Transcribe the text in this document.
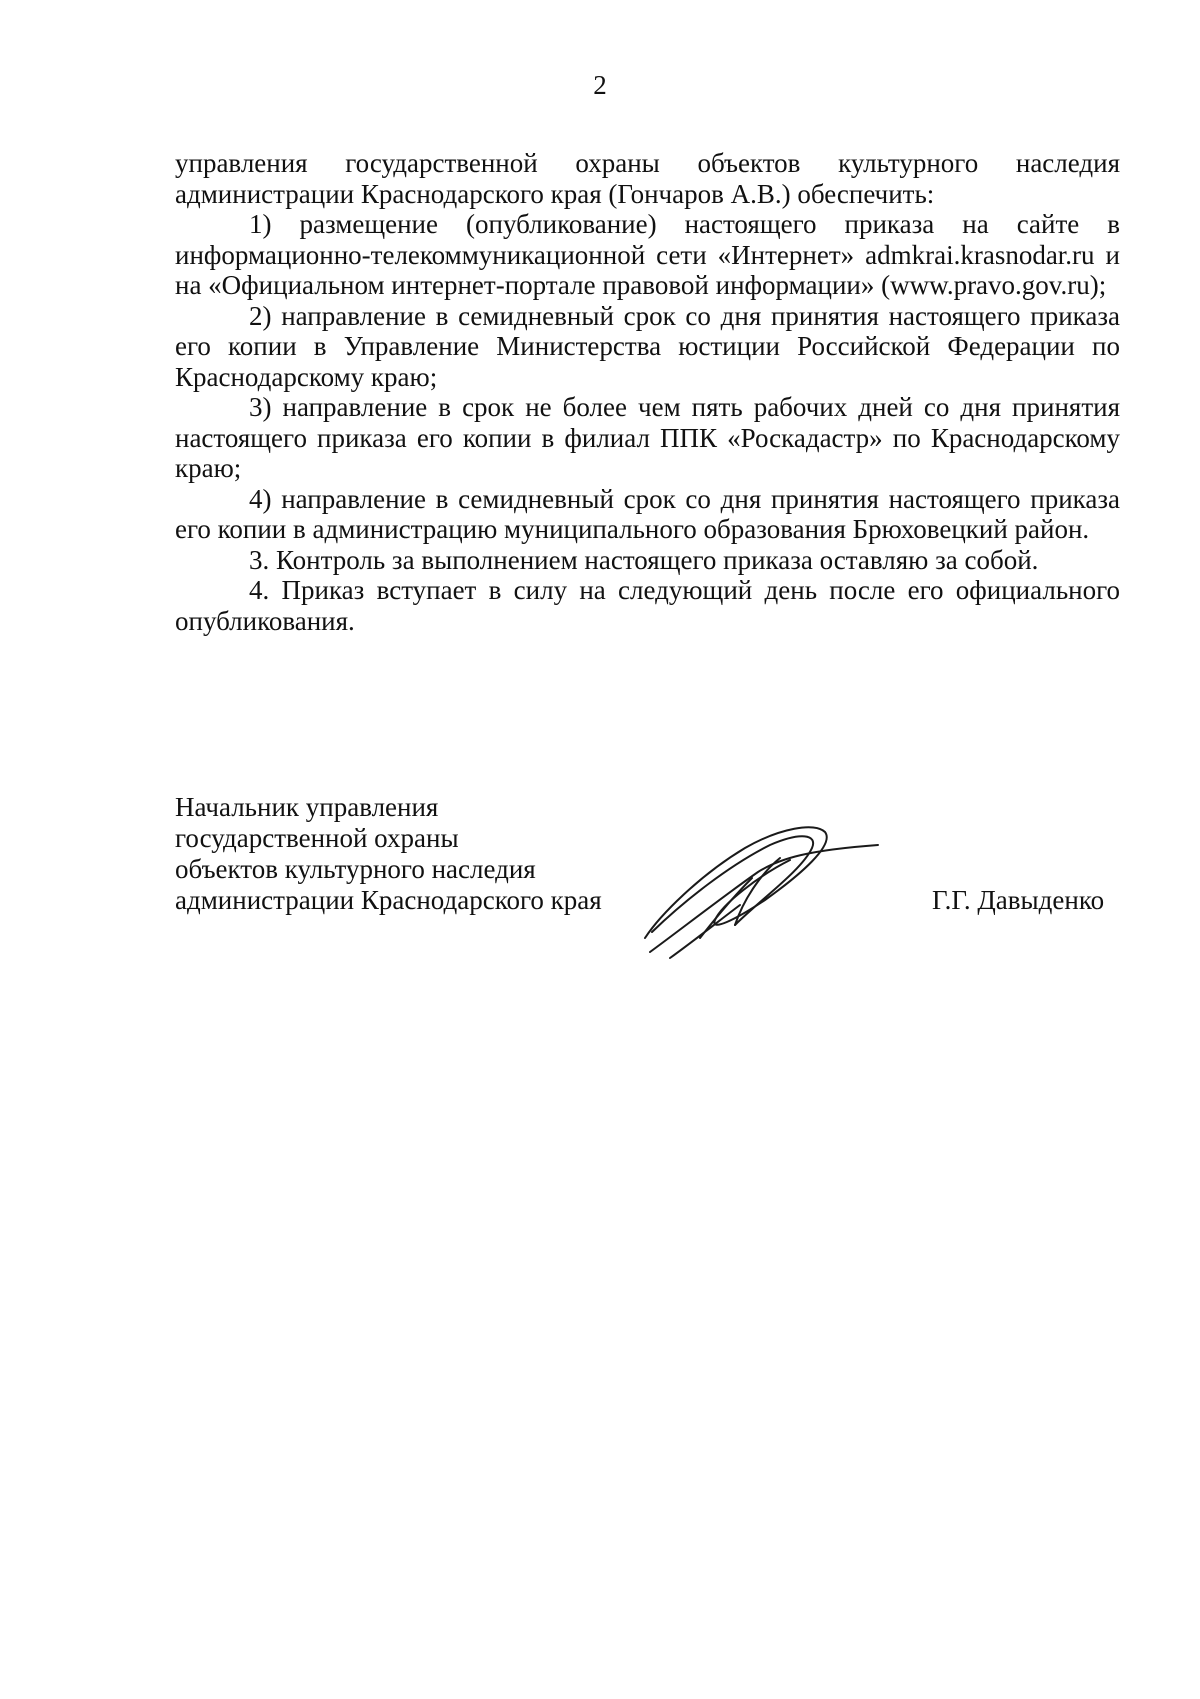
2

управления государственной охраны объектов культурного наследия администрации Краснодарского края (Гончаров А.В.) обеспечить:

1) размещение (опубликование) настоящего приказа на сайте в информационно-телекоммуникационной сети «Интернет» admkrai.krasnodar.ru и на «Официальном интернет-портале правовой информации» (www.pravo.gov.ru);

2) направление в семидневный срок со дня принятия настоящего приказа его копии в Управление Министерства юстиции Российской Федерации по Краснодарскому краю;

3) направление в срок не более чем пять рабочих дней со дня принятия настоящего приказа его копии в филиал ППК «Роскадастр» по Краснодарскому краю;

4) направление в семидневный срок со дня принятия настоящего приказа его копии в администрацию муниципального образования Брюховецкий район.

3. Контроль за выполнением настоящего приказа оставляю за собой.

4. Приказ вступает в силу на следующий день после его официального опубликования.

Начальник управления
государственной охраны
объектов культурного наследия
администрации Краснодарского края	Г.Г. Давыденко
